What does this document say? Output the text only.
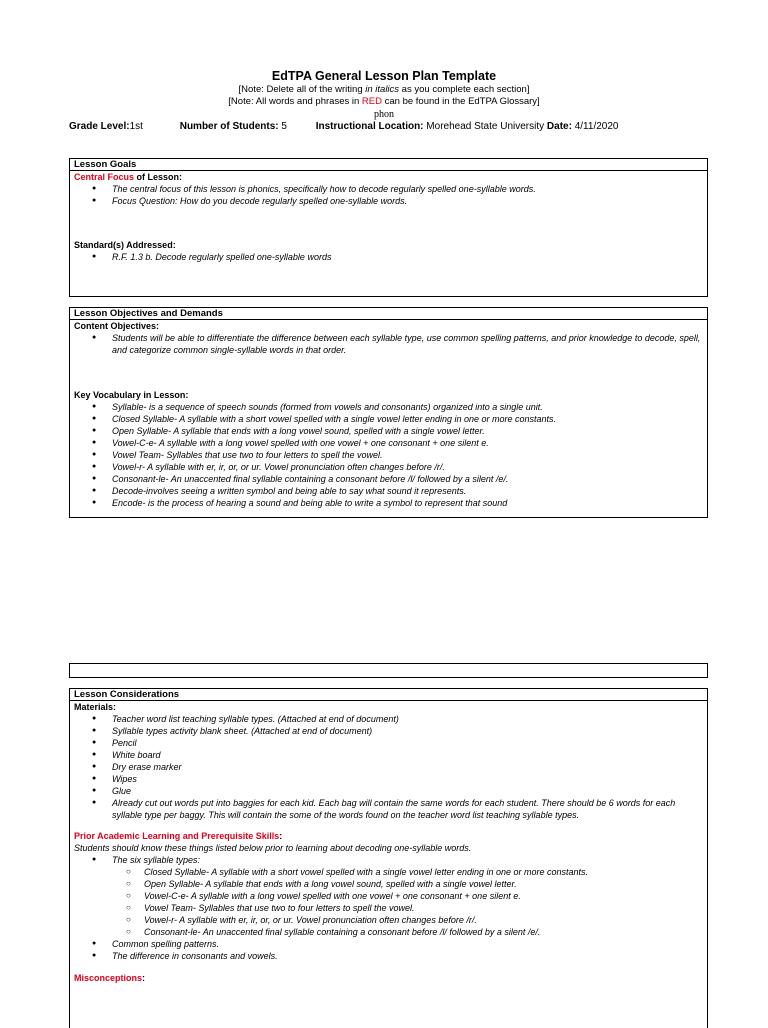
EdTPA General Lesson Plan Template
[Note: Delete all of the writing in italics as you complete each section]
[Note: All words and phrases in RED can be found in the EdTPA Glossary]
phon
Grade Level:1st	Number of Students: 5	Instructional Location: Morehead State University Date: 4/11/2020
Lesson Goals
Central Focus of Lesson:
● The central focus of this lesson is phonics, specifically how to decode regularly spelled one-syllable words.
● Focus Question: How do you decode regularly spelled one-syllable words.
Standard(s) Addressed:
● R.F. 1.3 b. Decode regularly spelled one-syllable words
Lesson Objectives and Demands
Content Objectives:
● Students will be able to differentiate the difference between each syllable type, use common spelling patterns, and prior knowledge to decode, spell, and categorize common single-syllable words in that order.
Key Vocabulary in Lesson:
● Syllable- is a sequence of speech sounds (formed from vowels and consonants) organized into a single unit.
● Closed Syllable- A syllable with a short vowel spelled with a single vowel letter ending in one or more constants.
● Open Syllable- A syllable that ends with a long vowel sound, spelled with a single vowel letter.
● Vowel-C-e- A syllable with a long vowel spelled with one vowel + one consonant + one silent e.
● Vowel Team- Syllables that use two to four letters to spell the vowel.
● Vowel-r- A syllable with er, ir, or, or ur. Vowel pronunciation often changes before /r/.
● Consonant-le- An unaccented final syllable containing a consonant before /l/ followed by a silent /e/.
● Decode-involves seeing a written symbol and being able to say what sound it represents.
● Encode- is the process of hearing a sound and being able to write a symbol to represent that sound
Lesson Considerations
Materials:
● Teacher word list teaching syllable types. (Attached at end of document)
● Syllable types activity blank sheet. (Attached at end of document)
● Pencil
● White board
● Dry erase marker
● Wipes
● Glue
● Already cut out words put into baggies for each kid. Each bag will contain the same words for each student. There should be 6 words for each syllable type per baggy. This will contain the some of the words found on the teacher word list teaching syllable types.
Prior Academic Learning and Prerequisite Skills:
Students should know these things listed below prior to learning about decoding one-syllable words.
● The six syllable types:
○ Closed Syllable- A syllable with a short vowel spelled with a single vowel letter ending in one or more constants.
○ Open Syllable- A syllable that ends with a long vowel sound, spelled with a single vowel letter.
○ Vowel-C-e- A syllable with a long vowel spelled with one vowel + one consonant + one silent e.
○ Vowel Team- Syllables that use two to four letters to spell the vowel.
○ Vowel-r- A syllable with er, ir, or, or ur. Vowel pronunciation often changes before /r/.
○ Consonant-le- An unaccented final syllable containing a consonant before /l/ followed by a silent /e/.
● Common spelling patterns.
● The difference in consonants and vowels.
Misconceptions:
